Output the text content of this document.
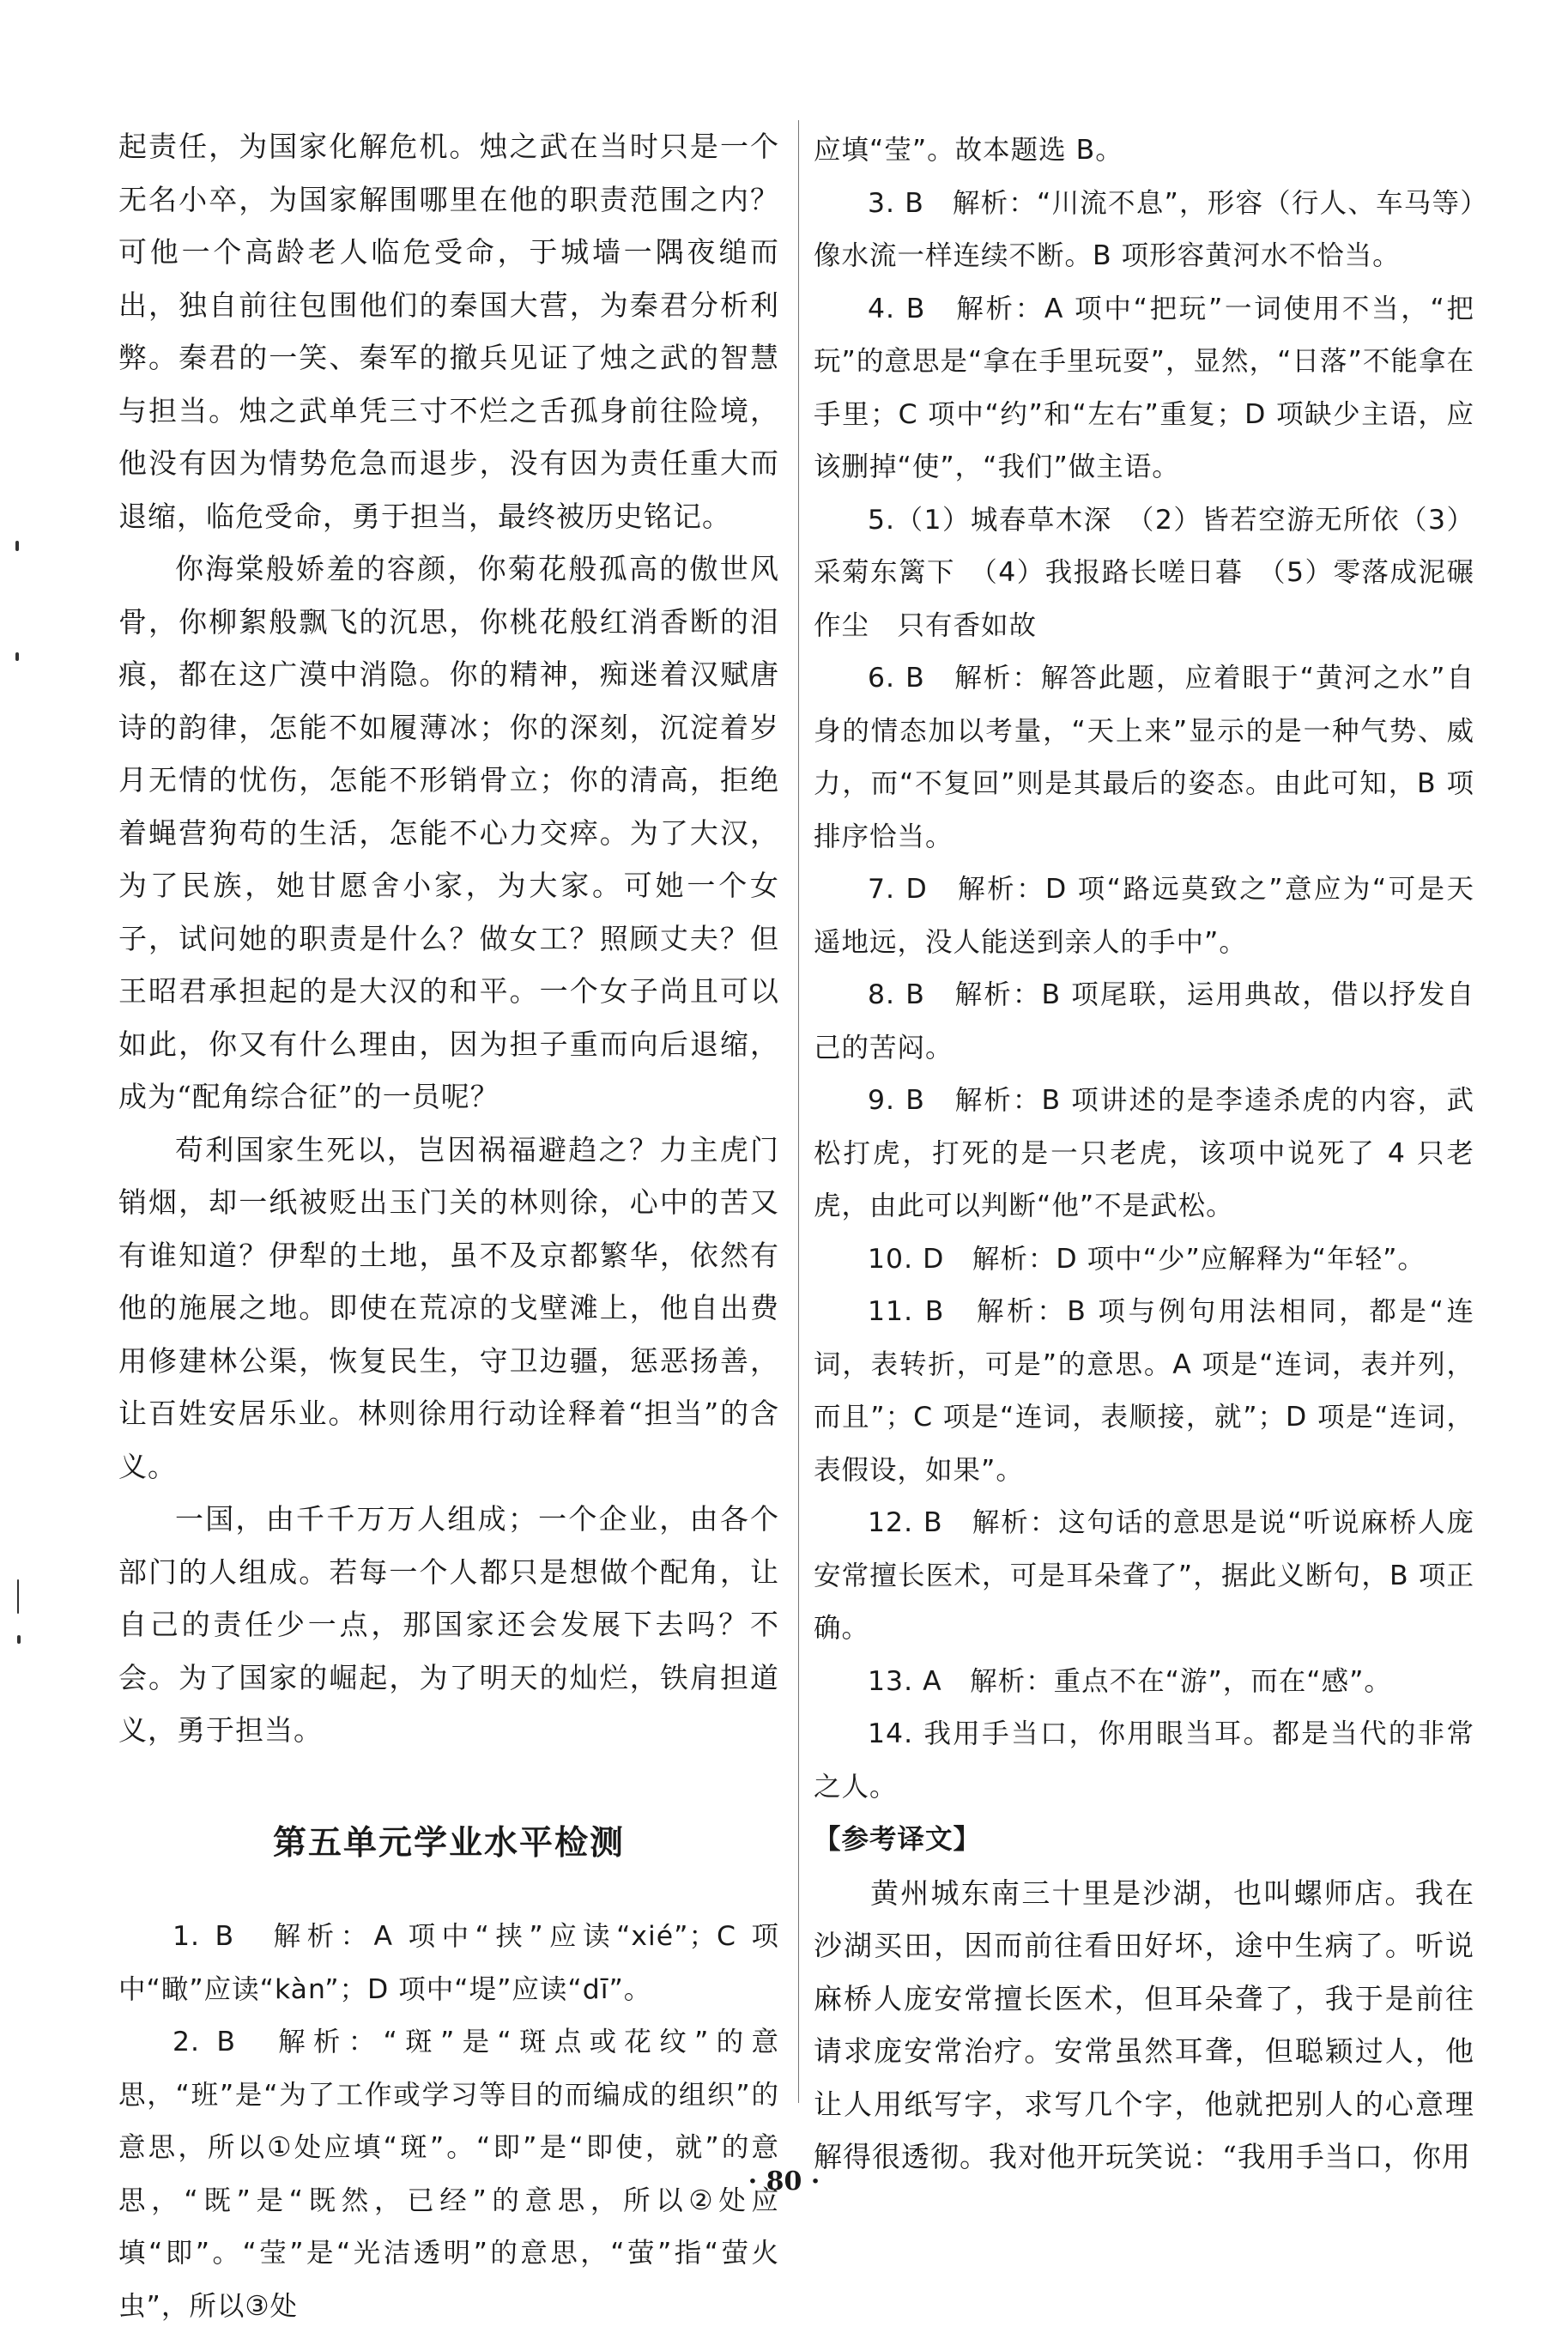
起责任，为国家化解危机。烛之武在当时只是一个无名小卒，为国家解围哪里在他的职责范围之内？可他一个高龄老人临危受命，于城墙一隅夜缒而出，独自前往包围他们的秦国大营，为秦君分析利弊。秦君的一笑、秦军的撤兵见证了烛之武的智慧与担当。烛之武单凭三寸不烂之舌孤身前往险境，他没有因为情势危急而退步，没有因为责任重大而退缩，临危受命，勇于担当，最终被历史铭记。

你海棠般娇羞的容颜，你菊花般孤高的傲世风骨，你柳絮般飘飞的沉思，你桃花般红消香断的泪痕，都在这广漠中消隐。你的精神，痴迷着汉赋唐诗的韵律，怎能不如履薄冰；你的深刻，沉淀着岁月无情的忧伤，怎能不形销骨立；你的清高，拒绝着蝇营狗苟的生活，怎能不心力交瘁。为了大汉，为了民族，她甘愿舍小家，为大家。可她一个女子，试问她的职责是什么？做女工？照顾丈夫？但王昭君承担起的是大汉的和平。一个女子尚且可以如此，你又有什么理由，因为担子重而向后退缩，成为“配角综合征”的一员呢？

苟利国家生死以，岂因祸福避趋之？力主虎门销烟，却一纸被贬出玉门关的林则徐，心中的苦又有谁知道？伊犁的土地，虽不及京都繁华，依然有他的施展之地。即使在荒凉的戈壁滩上，他自出费用修建林公渠，恢复民生，守卫边疆，惩恶扬善，让百姓安居乐业。林则徐用行动诠释着“担当”的含义。

一国，由千千万万人组成；一个企业，由各个部门的人组成。若每一个人都只是想做个配角，让自己的责任少一点，那国家还会发展下去吗？不会。为了国家的崛起，为了明天的灿烂，铁肩担道义，勇于担当。

第五单元学业水平检测

1. B　解析：A 项中“挟”应读“xié”；C 项中“瞰”应读“kàn”；D 项中“堤”应读“dī”。

2. B　解析：“斑”是“斑点或花纹”的意思，“班”是“为了工作或学习等目的而编成的组织”的意思，所以①处应填“斑”。“即”是“即使，就”的意思，“既”是“既然，已经”的意思，所以②处应填“即”。“莹”是“光洁透明”的意思，“萤”指“萤火虫”，所以③处

应填“莹”。故本题选 B。

3. B　解析：“川流不息”，形容（行人、车马等）像水流一样连续不断。B 项形容黄河水不恰当。

4. B　解析：A 项中“把玩”一词使用不当，“把玩”的意思是“拿在手里玩耍”，显然，“日落”不能拿在手里；C 项中“约”和“左右”重复；D 项缺少主语，应该删掉“使”，“我们”做主语。

5.（1）城春草木深　（2）皆若空游无所依（3）采菊东篱下　（4）我报路长嗟日暮　（5）零落成泥碾作尘　只有香如故

6. B　解析：解答此题，应着眼于“黄河之水”自身的情态加以考量，“天上来”显示的是一种气势、威力，而“不复回”则是其最后的姿态。由此可知，B 项排序恰当。

7. D　解析：D 项“路远莫致之”意应为“可是天遥地远，没人能送到亲人的手中”。

8. B　解析：B 项尾联，运用典故，借以抒发自己的苦闷。

9. B　解析：B 项讲述的是李逵杀虎的内容，武松打虎，打死的是一只老虎，该项中说死了 4 只老虎，由此可以判断“他”不是武松。

10. D　解析：D 项中“少”应解释为“年轻”。

11. B　解析：B 项与例句用法相同，都是“连词，表转折，可是”的意思。A 项是“连词，表并列，而且”；C 项是“连词，表顺接，就”；D 项是“连词，表假设，如果”。

12. B　解析：这句话的意思是说“听说麻桥人庞安常擅长医术，可是耳朵聋了”，据此义断句，B 项正确。

13. A　解析：重点不在“游”，而在“感”。

14. 我用手当口，你用眼当耳。都是当代的非常之人。

【参考译文】

黄州城东南三十里是沙湖，也叫螺师店。我在沙湖买田，因而前往看田好坏，途中生病了。听说麻桥人庞安常擅长医术，但耳朵聋了，我于是前往请求庞安常治疗。安常虽然耳聋，但聪颖过人，他让人用纸写字，求写几个字，他就把别人的心意理解得很透彻。我对他开玩笑说：“我用手当口，你用

· 80 ·
